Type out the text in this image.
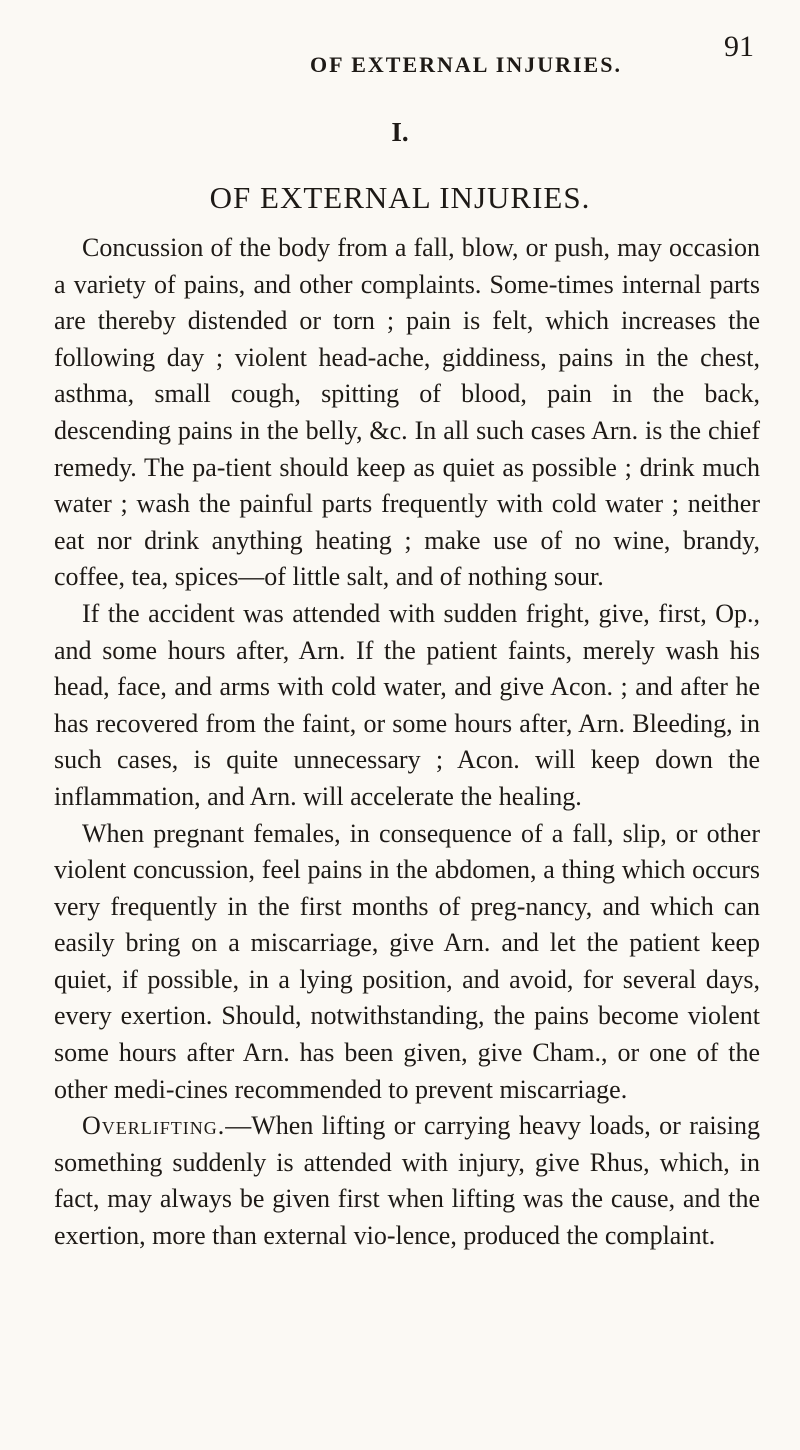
OF EXTERNAL INJURIES.
91
I.
OF EXTERNAL INJURIES.

Concussion of the body from a fall, blow, or push, may occasion a variety of pains, and other complaints. Some-times internal parts are thereby distended or torn ; pain is felt, which increases the following day ; violent head-ache, giddiness, pains in the chest, asthma, small cough, spitting of blood, pain in the back, descending pains in the belly, &c. In all such cases Arn. is the chief remedy. The pa-tient should keep as quiet as possible ; drink much water ; wash the painful parts frequently with cold water ; neither eat nor drink anything heating ; make use of no wine, brandy, coffee, tea, spices—of little salt, and of nothing sour.

If the accident was attended with sudden fright, give, first, Op., and some hours after, Arn. If the patient faints, merely wash his head, face, and arms with cold water, and give Acon. ; and after he has recovered from the faint, or some hours after, Arn. Bleeding, in such cases, is quite unnecessary ; Acon. will keep down the inflammation, and Arn. will accelerate the healing.

When pregnant females, in consequence of a fall, slip, or other violent concussion, feel pains in the abdomen, a thing which occurs very frequently in the first months of preg-nancy, and which can easily bring on a miscarriage, give Arn. and let the patient keep quiet, if possible, in a lying position, and avoid, for several days, every exertion. Should, notwithstanding, the pains become violent some hours after Arn. has been given, give Cham., or one of the other medi-cines recommended to prevent miscarriage.

Overlifting.—When lifting or carrying heavy loads, or raising something suddenly is attended with injury, give Rhus, which, in fact, may always be given first when lifting was the cause, and the exertion, more than external vio-lence, produced the complaint.
